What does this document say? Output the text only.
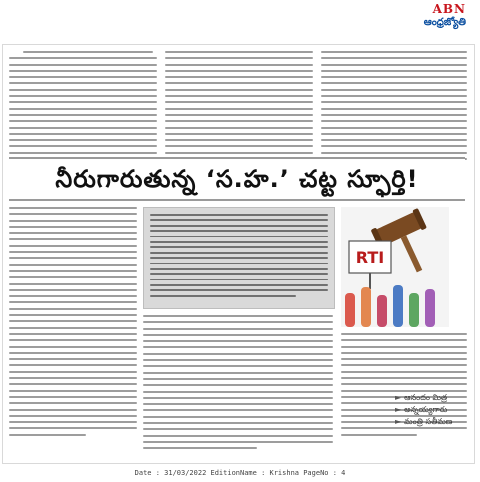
ABN
ఆంధ్రజ్యోతి
నీరుగారుతున్న ‘స.హ.’ చట్ట స్ఫూర్తి!
RTI
► ఆనందం మిత్ర
► అన్నయ్యగారు
► మంత్రి సతీమణ
Date : 31/03/2022 EditionName : Krishna PageNo : 4
